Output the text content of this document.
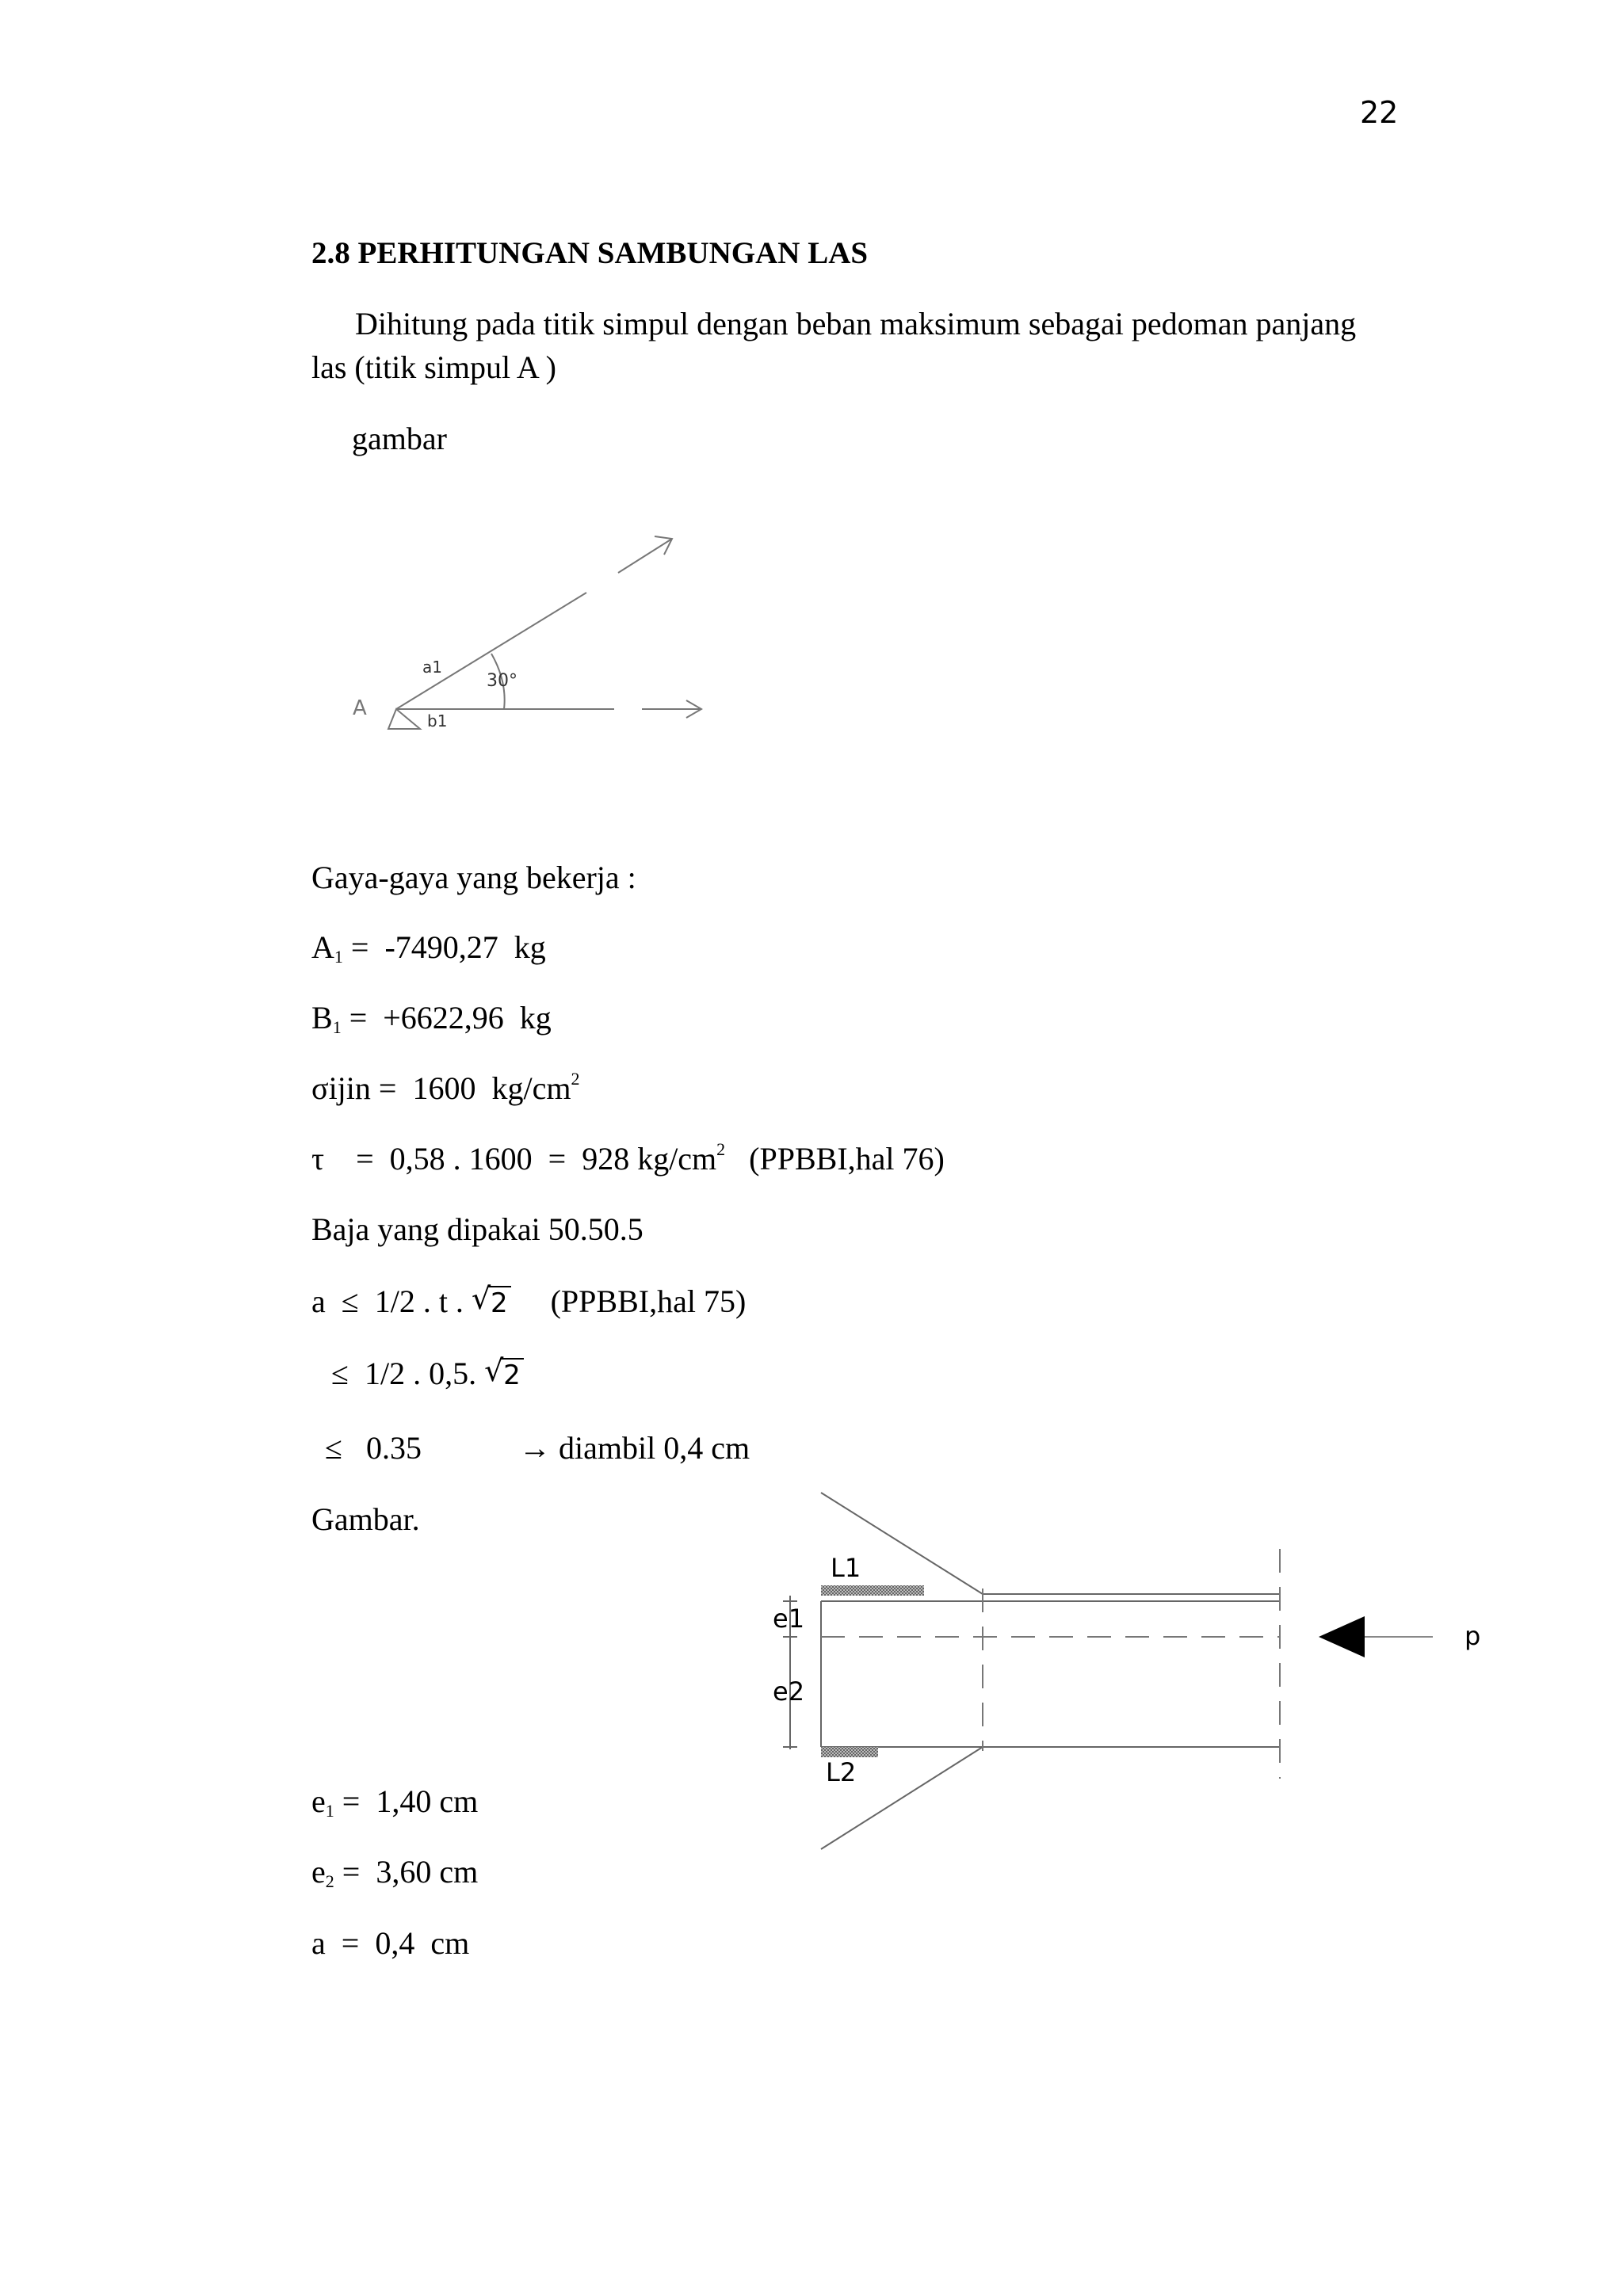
22
2.8 PERHITUNGAN SAMBUNGAN LAS
Dihitung pada titik simpul dengan beban maksimum sebagai pedoman panjang
las (titik simpul A )
gambar
A
a1
b1
30°
Gaya-gaya yang bekerja :
$A_1 = -7490,27$  kg
$B_1 = +6622,96$  kg
σijin =  1600  $kg/cm^2$
τ    =  0,58 . 1600  =  928 $kg/cm^2$   (PPBBI,hal 76)
Baja yang dipakai 50.50.5
a  ≤  1/2 . t . √ 2     (PPBBI,hal 75)
≤  1/2 . 0,5. √ 2
≤   0.35	→ diambil 0,4 cm
Gambar.
L1
L2
e1
e2
p
$e_1 = 1,40$ cm
$e_2 = 3,60$ cm
a  =  0,4  cm
